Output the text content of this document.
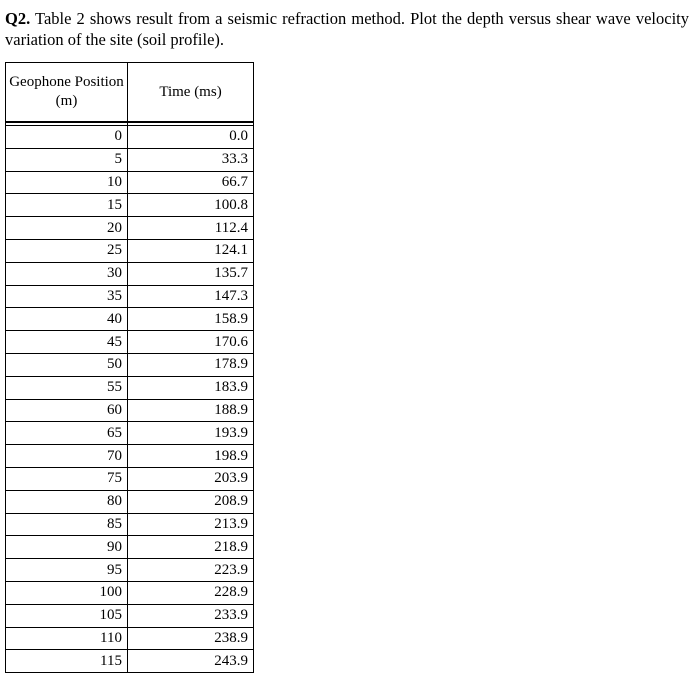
Q2. Table 2 shows result from a seismic refraction method. Plot the depth versus shear wave velocity variation of the site (soil profile).

Geophone Position (m)	Time (ms)

0	0.0
5	33.3
10	66.7
15	100.8
20	112.4
25	124.1
30	135.7
35	147.3
40	158.9
45	170.6
50	178.9
55	183.9
60	188.9
65	193.9
70	198.9
75	203.9
80	208.9
85	213.9
90	218.9
95	223.9
100	228.9
105	233.9
110	238.9
115	243.9
